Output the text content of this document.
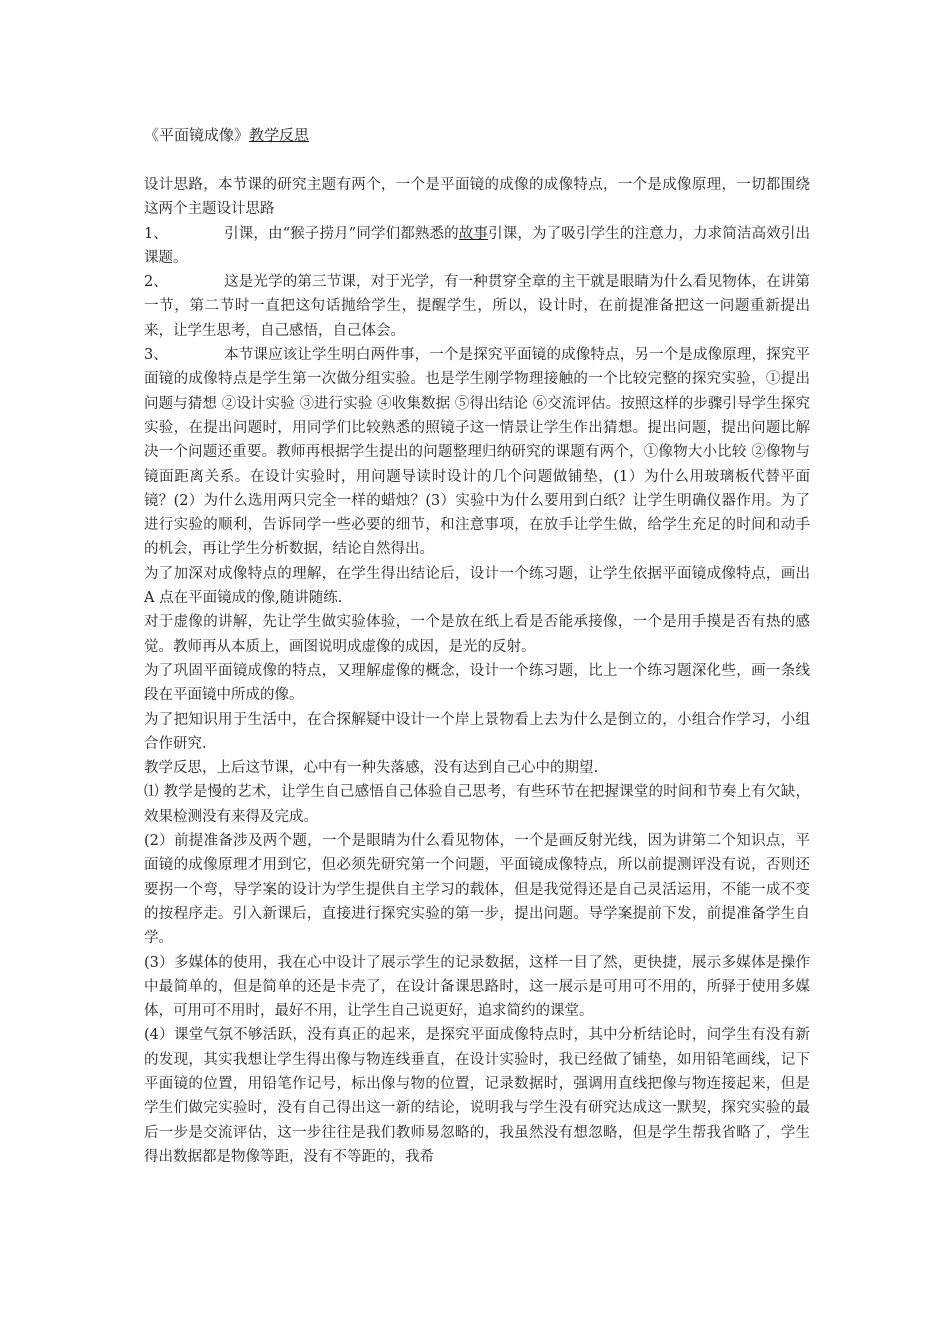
《平面镜成像》教学反思

设计思路，本节课的研究主题有两个，一个是平面镜的成像的成像特点，一个是成像原理，一切都围绕这两个主题设计思路

1、	引课，由“猴子捞月”同学们都熟悉的故事引课，为了吸引学生的注意力，力求简洁高效引出课题。

2、	这是光学的第三节课，对于光学，有一种贯穿全章的主干就是眼睛为什么看见物体，在讲第一节，第二节时一直把这句话抛给学生，提醒学生，所以，设计时，在前提准备把这一问题重新提出来，让学生思考，自己感悟，自己体会。

3、	本节课应该让学生明白两件事，一个是探究平面镜的成像特点，另一个是成像原理，探究平面镜的成像特点是学生第一次做分组实验。也是学生刚学物理接触的一个比较完整的探究实验，①提出问题与猜想 ②设计实验 ③进行实验 ④收集数据 ⑤得出结论 ⑥交流评估。按照这样的步骤引导学生探究实验，在提出问题时，用同学们比较熟悉的照镜子这一情景让学生作出猜想。提出问题，提出问题比解决一个问题还重要。教师再根据学生提出的问题整理归纳研究的课题有两个，①像物大小比较 ②像物与镜面距离关系。在设计实验时，用问题导读时设计的几个问题做铺垫，(1）为什么用玻璃板代替平面镜？(2）为什么选用两只完全一样的蜡烛？(3）实验中为什么要用到白纸？让学生明确仪器作用。为了进行实验的顺利，告诉同学一些必要的细节，和注意事项，在放手让学生做，给学生充足的时间和动手的机会，再让学生分析数据，结论自然得出。

为了加深对成像特点的理解，在学生得出结论后，设计一个练习题，让学生依据平面镜成像特点，画出 A 点在平面镜成的像,随讲随练.

对于虚像的讲解，先让学生做实验体验，一个是放在纸上看是否能承接像，一个是用手摸是否有热的感觉。教师再从本质上，画图说明成虚像的成因，是光的反射。

为了巩固平面镜成像的特点，又理解虚像的概念，设计一个练习题，比上一个练习题深化些，画一条线段在平面镜中所成的像。

为了把知识用于生活中，在合探解疑中设计一个岸上景物看上去为什么是倒立的，小组合作学习，小组合作研究.

教学反思，上后这节课，心中有一种失落感，没有达到自己心中的期望.

⑴ 教学是慢的艺术，让学生自己感悟自己体验自己思考，有些环节在把握课堂的时间和节奏上有欠缺，效果检测没有来得及完成。

(2）前提准备涉及两个题，一个是眼睛为什么看见物体，一个是画反射光线，因为讲第二个知识点，平面镜的成像原理才用到它，但必须先研究第一个问题，平面镜成像特点，所以前提测评没有说，否则还要拐一个弯，导学案的设计为学生提供自主学习的载体，但是我觉得还是自己灵活运用，不能一成不变的按程序走。引入新课后，直接进行探究实验的第一步，提出问题。导学案提前下发，前提准备学生自学。

(3）多媒体的使用，我在心中设计了展示学生的记录数据，这样一目了然，更快捷，展示多媒体是操作中最简单的，但是简单的还是卡壳了，在设计备课思路时，这一展示是可用可不用的，所驿于使用多媒体，可用可不用时，最好不用，让学生自己说更好，追求简约的课堂。

(4）课堂气氛不够活跃，没有真正的起来，是探究平面成像特点时，其中分析结论时，问学生有没有新的发现，其实我想让学生得出像与物连线垂直，在设计实验时，我已经做了铺垫，如用铅笔画线，记下平面镜的位置，用铅笔作记号，标出像与物的位置，记录数据时，强调用直线把像与物连接起来，但是学生们做完实验时，没有自己得出这一新的结论，说明我与学生没有研究达成这一默契，探究实验的最后一步是交流评估，这一步往往是我们教师易忽略的，我虽然没有想忽略，但是学生帮我省略了，学生得出数据都是物像等距，没有不等距的，我希
